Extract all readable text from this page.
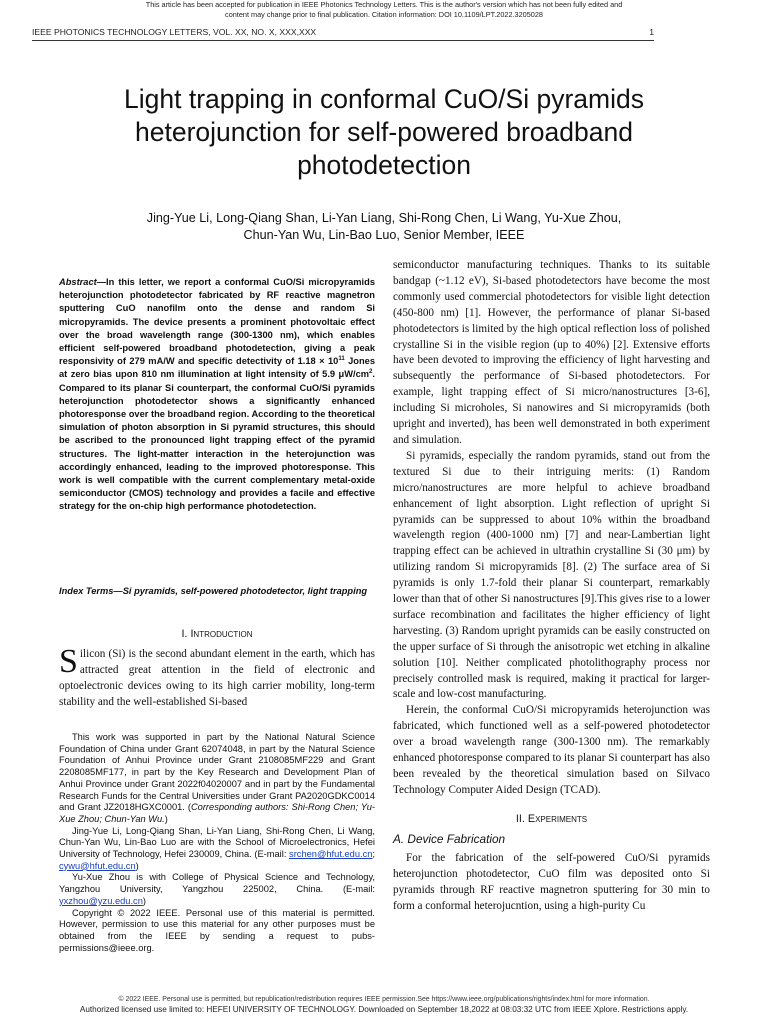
This article has been accepted for publication in IEEE Photonics Technology Letters. This is the author's version which has not been fully edited and
content may change prior to final publication. Citation information: DOI 10.1109/LPT.2022.3205028
IEEE PHOTONICS TECHNOLOGY LETTERS, VOL. XX, NO. X, XXX,XXX	1
Light trapping in conformal CuO/Si pyramids
heterojunction for self-powered broadband
photodetection
Jing-Yue Li, Long-Qiang Shan, Li-Yan Liang, Shi-Rong Chen, Li Wang, Yu-Xue Zhou,
Chun-Yan Wu, Lin-Bao Luo, Senior Member, IEEE
Abstract—In this letter, we report a conformal CuO/Si micropyramids heterojunction photodetector fabricated by RF reactive magnetron sputtering CuO nanofilm onto the dense and random Si micropyramids. The device presents a prominent photovoltaic effect over the broad wavelength range (300-1300 nm), which enables efficient self-powered broadband photodetection, giving a peak responsivity of 279 mA/W and specific detectivity of $1.18 \times 10^{11}$ Jones at zero bias upon 810 nm illumination at light intensity of 5.9 $\mu W/cm^2$. Compared to its planar Si counterpart, the conformal CuO/Si pyramids heterojunction photodetector shows a significantly enhanced photoresponse over the broadband region. According to the theoretical simulation of photon absorption in Si pyramid structures, this should be ascribed to the pronounced light trapping effect of the pyramid structures. The light-matter interaction in the heterojunction was accordingly enhanced, leading to the improved photoresponse. This work is well compatible with the current complementary metal-oxide semiconductor (CMOS) technology and provides a facile and effective strategy for the on-chip high performance photodetection.
Index Terms—Si pyramids, self-powered photodetector, light trapping
I. Introduction
Silicon (Si) is the second abundant element in the earth, which has attracted great attention in the field of electronic and optoelectronic devices owing to its high carrier mobility, long-term stability and the well-established Si-based

This work was supported in part by the National Natural Science Foundation of China under Grant 62074048, in part by the Natural Science Foundation of Anhui Province under Grant 2108085MF229 and Grant 2208085MF177, in part by the Key Research and Development Plan of Anhui Province under Grant 2022f04020007 and in part by the Fundamental Research Funds for the Central Universities under Grant PA2020GDKC0014 and Grant JZ2018HGXC0001. (Corresponding authors: Shi-Rong Chen; Yu-Xue Zhou; Chun-Yan Wu.)

Jing-Yue Li, Long-Qiang Shan, Li-Yan Liang, Shi-Rong Chen, Li Wang, Chun-Yan Wu, Lin-Bao Luo are with the School of Microelectronics, Hefei University of Technology, Hefei 230009, China. (E-mail: srchen@hfut.edu.cn; cywu@hfut.edu.cn)

Yu-Xue Zhou is with College of Physical Science and Technology, Yangzhou University, Yangzhou 225002, China. (E-mail: yxzhou@yzu.edu.cn)

Copyright © 2022 IEEE. Personal use of this material is permitted. However, permission to use this material for any other purposes must be obtained from the IEEE by sending a request to pubs-permissions@ieee.org.

semiconductor manufacturing techniques. Thanks to its suitable bandgap (~1.12 eV), Si-based photodetectors have become the most commonly used commercial photodetectors for visible light detection (450-800 nm) [1]. However, the performance of planar Si-based photodetectors is limited by the high optical reflection loss of polished crystalline Si in the visible region (up to 40%) [2]. Extensive efforts have been devoted to improving the efficiency of light harvesting and subsequently the performance of Si-based photodetectors. For example, light trapping effect of Si micro/nanostructures [3-6], including Si microholes, Si nanowires and Si micropyramids (both upright and inverted), has been well demonstrated in both experiment and simulation.

Si pyramids, especially the random pyramids, stand out from the textured Si due to their intriguing merits: (1) Random micro/nanostructures are more helpful to achieve broadband enhancement of light absorption. Light reflection of upright Si pyramids can be suppressed to about 10% within the broadband wavelength region (400-1000 nm) [7] and near-Lambertian light trapping effect can be achieved in ultrathin crystalline Si (30 μm) by utilizing random Si micropyramids [8]. (2) The surface area of Si pyramids is only 1.7-fold their planar Si counterpart, remarkably lower than that of other Si nanostructures [9].This gives rise to a lower surface recombination and facilitates the higher efficiency of light harvesting. (3) Random upright pyramids can be easily constructed on the upper surface of Si through the anisotropic wet etching in alkaline solution [10]. Neither complicated photolithography process nor precisely controlled mask is required, making it practical for larger-scale and low-cost manufacturing.

Herein, the conformal CuO/Si micropyramids heterojunction was fabricated, which functioned well as a self-powered photodetector over a broad wavelength range (300-1300 nm). The remarkably enhanced photoresponse compared to its planar Si counterpart has also been revealed by the theoretical simulation based on Silvaco Technology Computer Aided Design (TCAD).

II. Experiments
A. Device Fabrication

For the fabrication of the self-powered CuO/Si pyramids heterojunction photodetector, CuO film was deposited onto Si pyramids through RF reactive magnetron sputtering for 30 min to form a conformal heterojucntion, using a high-purity Cu

© 2022 IEEE. Personal use is permitted, but republication/redistribution requires IEEE permission.See https://www.ieee.org/publications/rights/index.html for more information.
Authorized licensed use limited to: HEFEI UNIVERSITY OF TECHNOLOGY. Downloaded on September 18,2022 at 08:03:32 UTC from IEEE Xplore. Restrictions apply.
